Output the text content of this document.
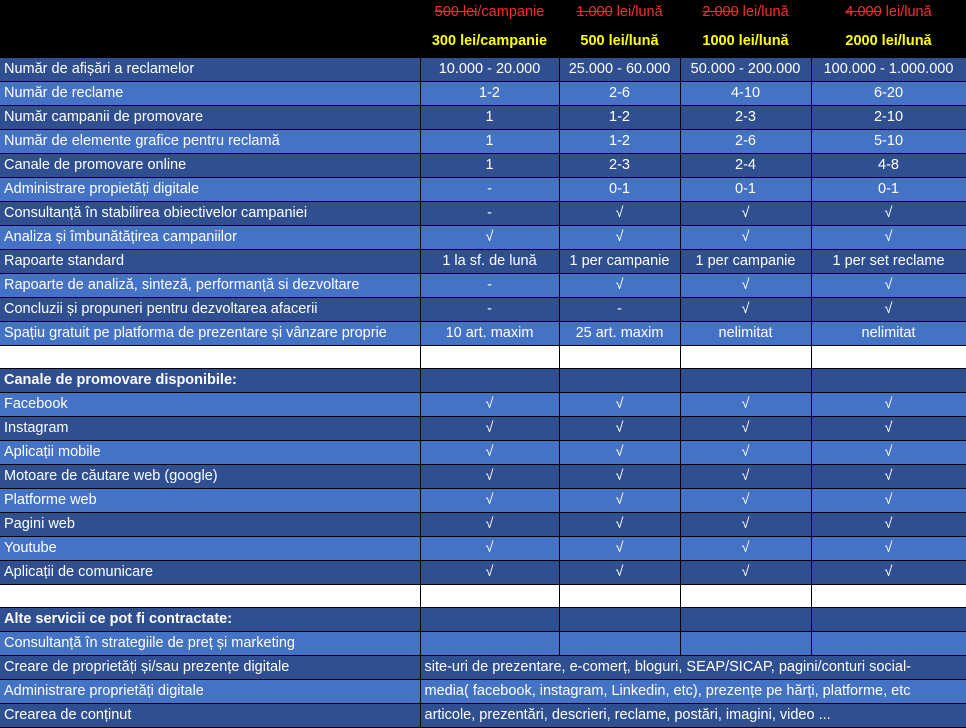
	500 lei/campanie	1.000 lei/lună	2.000 lei/lună	4.000 lei/lună
	300 lei/campanie	500 lei/lună	1000 lei/lună	2000 lei/lună
Număr de afișări a reclamelor	10.000 - 20.000	25.000 - 60.000	50.000 - 200.000	100.000 - 1.000.000
Număr de reclame	1-2	2-6	4-10	6-20
Număr campanii de promovare	1	1-2	2-3	2-10
Număr de elemente grafice pentru reclamă	1	1-2	2-6	5-10
Canale de promovare online	1	2-3	2-4	4-8
Administrare propietăți digitale	-	0-1	0-1	0-1
Consultanță în stabilirea obiectivelor campaniei	-	√	√	√
Analiza și îmbunătățirea campaniilor	√	√	√	√
Rapoarte standard	1 la sf. de lună	1 per campanie	1 per campanie	1 per set reclame
Rapoarte de analiză, sinteză, performanță si dezvoltare	-	√	√	√
Concluzii și propuneri pentru dezvoltarea afacerii	-	-	√	√
Spațiu gratuit pe platforma de prezentare și vânzare proprie	10 art. maxim	25 art. maxim	nelimitat	nelimitat

Canale de promovare disponibile:				
Facebook	√	√	√	√
Instagram	√	√	√	√
Aplicații mobile	√	√	√	√
Motoare de căutare web (google)	√	√	√	√
Platforme web	√	√	√	√
Pagini web	√	√	√	√
Youtube	√	√	√	√
Aplicații de comunicare	√	√	√	√

Alte servicii ce pot fi contractate:				
Consultanță în strategiile de preț și marketing				
Creare de proprietăți și/sau prezențe digitale	site-uri de prezentare, e-comerț, bloguri, SEAP/SICAP, pagini/conturi social-			
Administrare proprietăți digitale	media( facebook, instagram, Linkedin, etc), prezențe pe hărți, platforme, etc			
Crearea de conținut	articole, prezentări, descrieri, reclame, postări, imagini, video ...			
